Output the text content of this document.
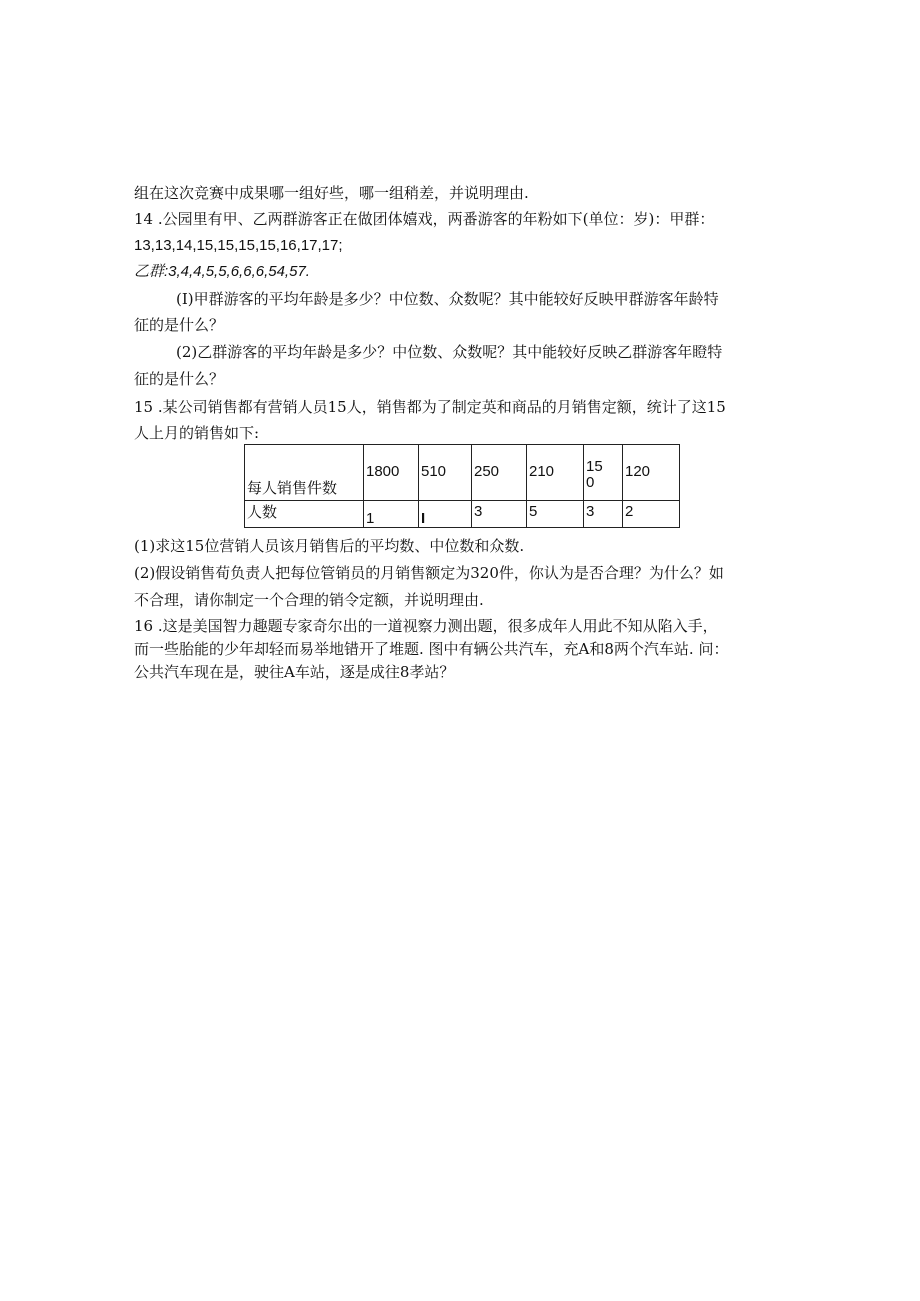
组在这次竞赛中成果哪一组好些，哪一组稍差，并说明理由.
14 .公园里有甲、乙两群游客正在做团体嬉戏，两番游客的年粉如下(单位：岁)：甲群：
13,13,14,15,15,15,15,16,17,17;
乙群:3,4,4,5,5,6,6,6,54,57.
(I)甲群游客的平均年龄是多少？中位数、众数呢？其中能较好反映甲群游客年龄特
征的是什么？
(2)乙群游客的平均年龄是多少？中位数、众数呢？其中能较好反映乙群游客年瞪特
征的是什么？
15 .某公司销售都有营销人员15人，销售都为了制定英和商品的月销售定额，统计了这15
人上月的销售如下:
每人销售件数	1800	510	250	210	150	120
人数	1	I	3	5	3	2
(1)求这15位营销人员该月销售后的平均数、中位数和众数.
(2)假设销售荀负责人把每位管销员的月销售额定为320件，你认为是否合理？为什么？如
不合理，请你制定一个合理的销令定额，并说明理由.
16 .这是美国智力趣题专家奇尔出的一道视察力测出题，很多成年人用此不知从陷入手，
而一些胎能的少年却轻而易举地错开了堆题. 图中有辆公共汽车，充A和8两个汽车站. 问：
公共汽车现在是，驶往A车站，逐是成往8孝站？
